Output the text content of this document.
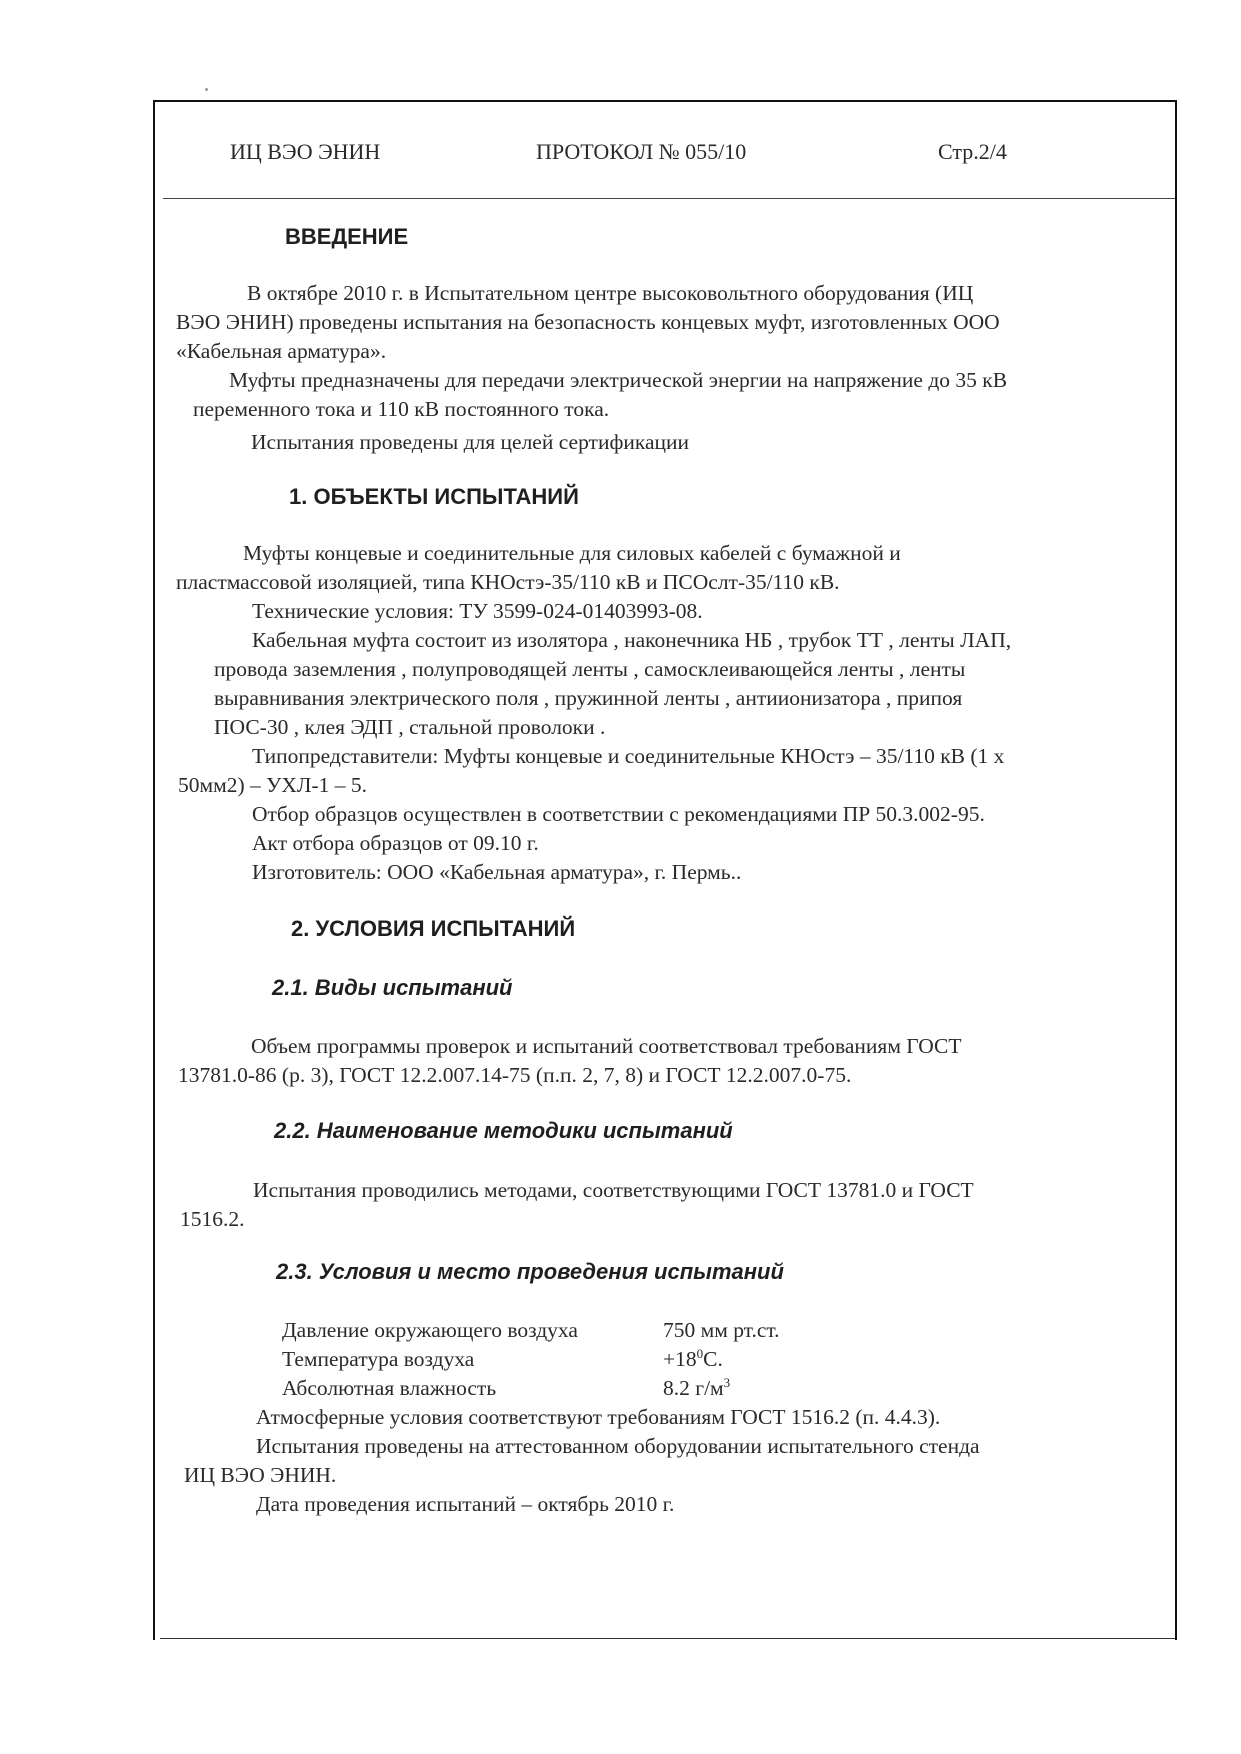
ИЦ ВЭО ЭНИН	ПРОТОКОЛ № 055/10	Стр.2/4
ВВЕДЕНИЕ
В октябре 2010 г. в Испытательном центре высоковольтного оборудования (ИЦ
ВЭО ЭНИН) проведены испытания на безопасность концевых муфт, изготовленных ООО
«Кабельная арматура».
Муфты предназначены для передачи электрической энергии на напряжение до 35 кВ
переменного тока и 110 кВ постоянного тока.
Испытания проведены для целей сертификации
1. ОБЪЕКТЫ ИСПЫТАНИЙ
Муфты концевые и соединительные для силовых кабелей с бумажной и
пластмассовой изоляцией, типа КНОстэ-35/110 кВ и ПСОслт-35/110 кВ.
Технические условия: ТУ 3599-024-01403993-08.
Кабельная муфта состоит из изолятора , наконечника НБ , трубок ТТ , ленты ЛАП,
провода заземления , полупроводящей ленты , самосклеивающейся ленты , ленты
выравнивания электрического поля , пружинной ленты , антиионизатора , припоя
ПОС-30 , клея ЭДП , стальной проволоки .
Типопредставители: Муфты концевые и соединительные КНОстэ – 35/110 кВ (1 х
50мм2) – УХЛ-1 – 5.
Отбор образцов осуществлен в соответствии с рекомендациями ПР 50.3.002-95.
Акт отбора образцов от 09.10 г.
Изготовитель: ООО «Кабельная арматура», г. Пермь..
2. УСЛОВИЯ ИСПЫТАНИЙ
2.1. Виды испытаний
Объем программы проверок и испытаний соответствовал требованиям ГОСТ
13781.0-86 (р. 3), ГОСТ 12.2.007.14-75 (п.п. 2, 7, 8) и ГОСТ 12.2.007.0-75.
2.2. Наименование методики испытаний
Испытания проводились методами, соответствующими ГОСТ 13781.0 и ГОСТ
1516.2.
2.3. Условия и место проведения испытаний
Давление окружающего воздуха	750 мм рт.ст.
Температура воздуха	$+18^0С$.
Абсолютная влажность	8.2 $г/м^3$
Атмосферные условия соответствуют требованиям ГОСТ 1516.2 (п. 4.4.3).
Испытания проведены на аттестованном оборудовании испытательного стенда
ИЦ ВЭО ЭНИН.
Дата проведения испытаний – октябрь 2010 г.
